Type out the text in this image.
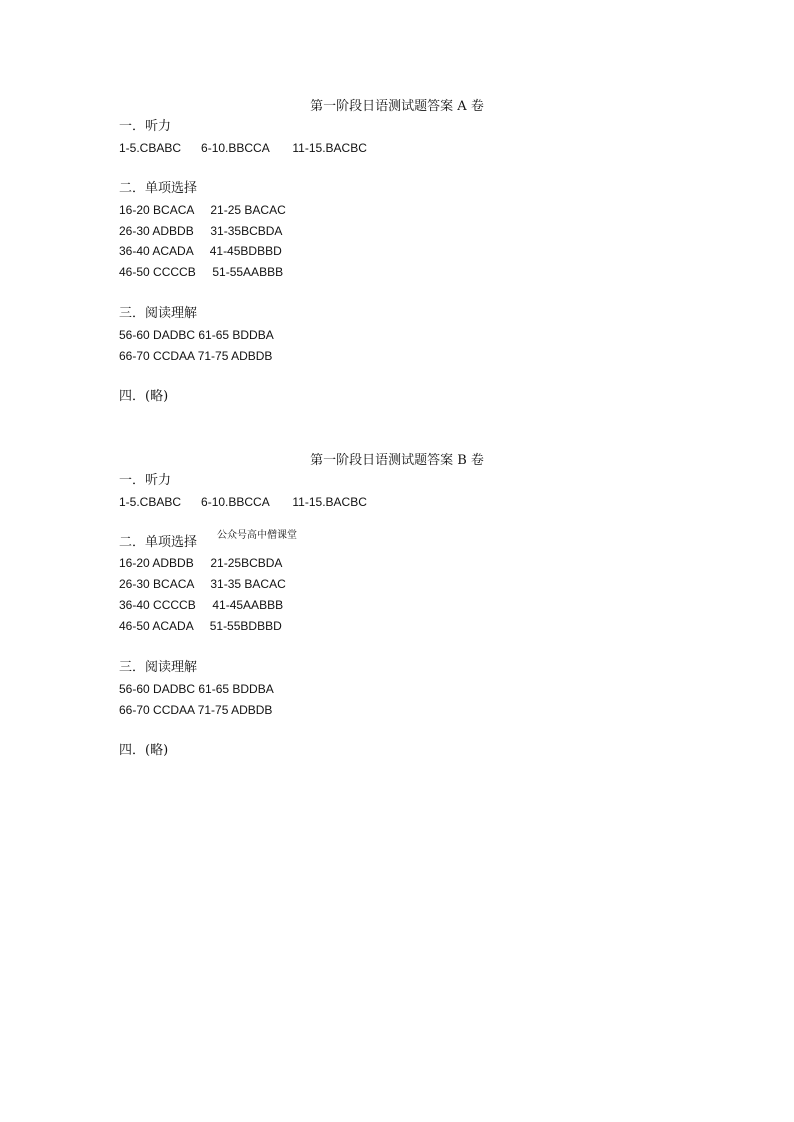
第一阶段日语测试题答案 A 卷
一．听力
1-5.CBABC      6-10.BBCCA       11-15.BACBC
二．单项选择
16-20 BCACA     21-25 BACAC
26-30 ADBDB     31-35BCBDA
36-40 ACADA     41-45BDBBD
46-50 CCCCB     51-55AABBB
三．阅读理解
56-60 DADBC 61-65 BDDBA
66-70 CCDAA 71-75 ADBDB
四．(略)
第一阶段日语测试题答案 B 卷
一．听力
1-5.CBABC      6-10.BBCCA       11-15.BACBC
二．单项选择 公众号高中僧课堂
16-20 ADBDB     21-25BCBDA
26-30 BCACA     31-35 BACAC
36-40 CCCCB     41-45AABBB
46-50 ACADA     51-55BDBBD
三．阅读理解
56-60 DADBC 61-65 BDDBA
66-70 CCDAA 71-75 ADBDB
四．(略)
